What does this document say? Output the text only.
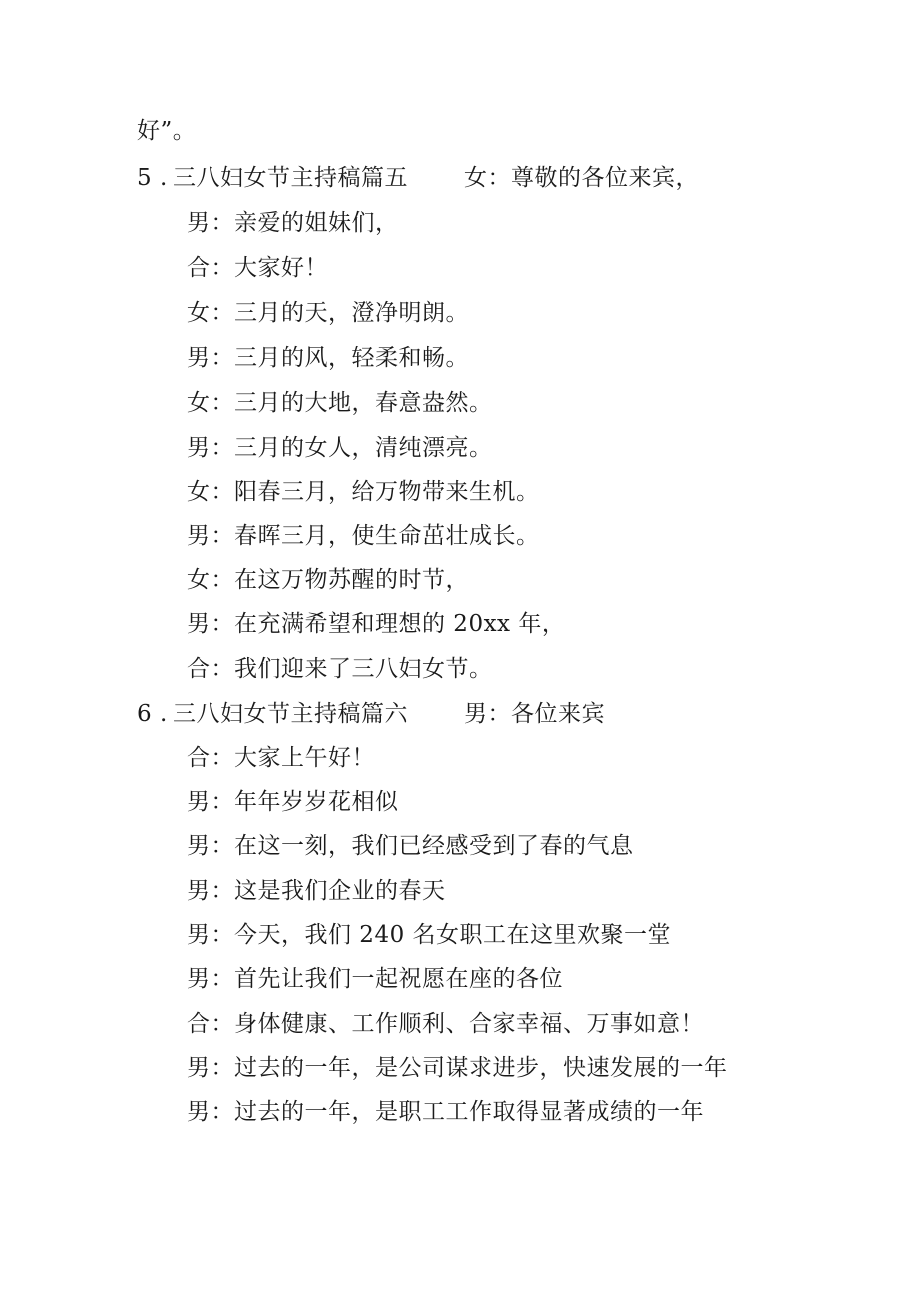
好”。
5 . 三八妇女节主持稿篇五 女：尊敬的各位来宾，
男：亲爱的姐妹们，
合：大家好！
女：三月的天，澄净明朗。
男：三月的风，轻柔和畅。
女：三月的大地，春意盎然。
男：三月的女人，清纯漂亮。
女：阳春三月，给万物带来生机。
男：春晖三月，使生命茁壮成长。
女：在这万物苏醒的时节，
男：在充满希望和理想的 20xx 年，
合：我们迎来了三八妇女节。
6 . 三八妇女节主持稿篇六 男：各位来宾
合：大家上午好！
男：年年岁岁花相似
男：在这一刻，我们已经感受到了春的气息
男：这是我们企业的春天
男：今天，我们 240 名女职工在这里欢聚一堂
男：首先让我们一起祝愿在座的各位
合：身体健康、工作顺利、合家幸福、万事如意！
男：过去的一年，是公司谋求进步，快速发展的一年
男：过去的一年，是职工工作取得显著成绩的一年
